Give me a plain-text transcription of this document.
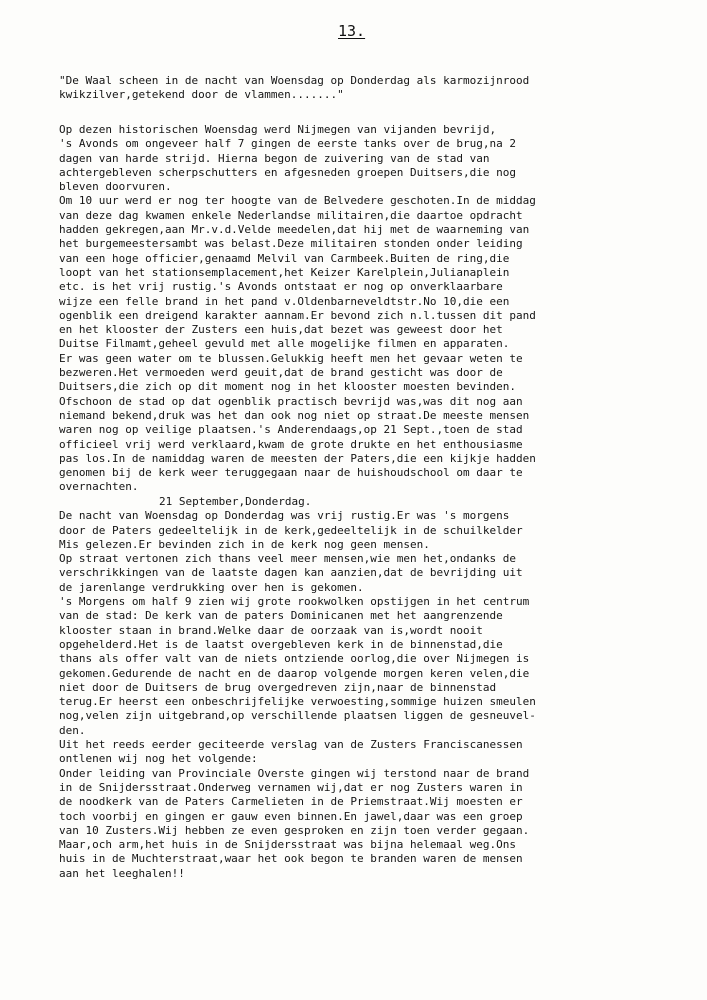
13.
"De Waal scheen in de nacht van Woensdag op Donderdag als karmozijnrood
kwikzilver,getekend door de vlammen......."
Op dezen historischen Woensdag werd Nijmegen van vijanden bevrijd,
's Avonds om ongeveer half 7 gingen de eerste tanks over de brug,na 2
dagen van harde strijd. Hierna begon de zuivering van de stad van
achtergebleven scherpschutters en afgesneden groepen Duitsers,die nog
bleven doorvuren.
Om 10 uur werd er nog ter hoogte van de Belvedere geschoten.In de middag
van deze dag kwamen enkele Nederlandse militairen,die daartoe opdracht
hadden gekregen,aan Mr.v.d.Velde meedelen,dat hij met de waarneming van
het burgemeestersambt was belast.Deze militairen stonden onder leiding
van een hoge officier,genaamd Melvil van Carmbeek.Buiten de ring,die
loopt van het stationsemplacement,het Keizer Karelplein,Julianaplein
etc. is het vrij rustig.'s Avonds ontstaat er nog op onverklaarbare
wijze een felle brand in het pand v.Oldenbarneveldtstr.No 10,die een
ogenblik een dreigend karakter aannam.Er bevond zich n.l.tussen dit pand
en het klooster der Zusters een huis,dat bezet was geweest door het
Duitse Filmamt,geheel gevuld met alle mogelijke filmen en apparaten.
Er was geen water om te blussen.Gelukkig heeft men het gevaar weten te
bezweren.Het vermoeden werd geuit,dat de brand gesticht was door de
Duitsers,die zich op dit moment nog in het klooster moesten bevinden.
Ofschoon de stad op dat ogenblik practisch bevrijd was,was dit nog aan
niemand bekend,druk was het dan ook nog niet op straat.De meeste mensen
waren nog op veilige plaatsen.'s Anderendaags,op 21 Sept.,toen de stad
officieel vrij werd verklaard,kwam de grote drukte en het enthousiasme
pas los.In de namiddag waren de meesten der Paters,die een kijkje hadden
genomen bij de kerk weer teruggegaan naar de huishoudschool om daar te
overnachten.
21 September,Donderdag.
De nacht van Woensdag op Donderdag was vrij rustig.Er was 's morgens
door de Paters gedeeltelijk in de kerk,gedeeltelijk in de schuilkelder
Mis gelezen.Er bevinden zich in de kerk nog geen mensen.
Op straat vertonen zich thans veel meer mensen,wie men het,ondanks de
verschrikkingen van de laatste dagen kan aanzien,dat de bevrijding uit
de jarenlange verdrukking over hen is gekomen.
's Morgens om half 9 zien wij grote rookwolken opstijgen in het centrum
van de stad: De kerk van de paters Dominicanen met het aangrenzende
klooster staan in brand.Welke daar de oorzaak van is,wordt nooit
opgehelderd.Het is de laatst overgebleven kerk in de binnenstad,die
thans als offer valt van de niets ontziende oorlog,die over Nijmegen is
gekomen.Gedurende de nacht en de daarop volgende morgen keren velen,die
niet door de Duitsers de brug overgedreven zijn,naar de binnenstad
terug.Er heerst een onbeschrijfelijke verwoesting,sommige huizen smeulen
nog,velen zijn uitgebrand,op verschillende plaatsen liggen de gesneuvel-
den.
Uit het reeds eerder geciteerde verslag van de Zusters Franciscanessen
ontlenen wij nog het volgende:
Onder leiding van Provinciale Overste gingen wij terstond naar de brand
in de Snijdersstraat.Onderweg vernamen wij,dat er nog Zusters waren in
de noodkerk van de Paters Carmelieten in de Priemstraat.Wij moesten er
toch voorbij en gingen er gauw even binnen.En jawel,daar was een groep
van 10 Zusters.Wij hebben ze even gesproken en zijn toen verder gegaan.
Maar,och arm,het huis in de Snijdersstraat was bijna helemaal weg.Ons
huis in de Muchterstraat,waar het ook begon te branden waren de mensen
aan het leeghalen!!
